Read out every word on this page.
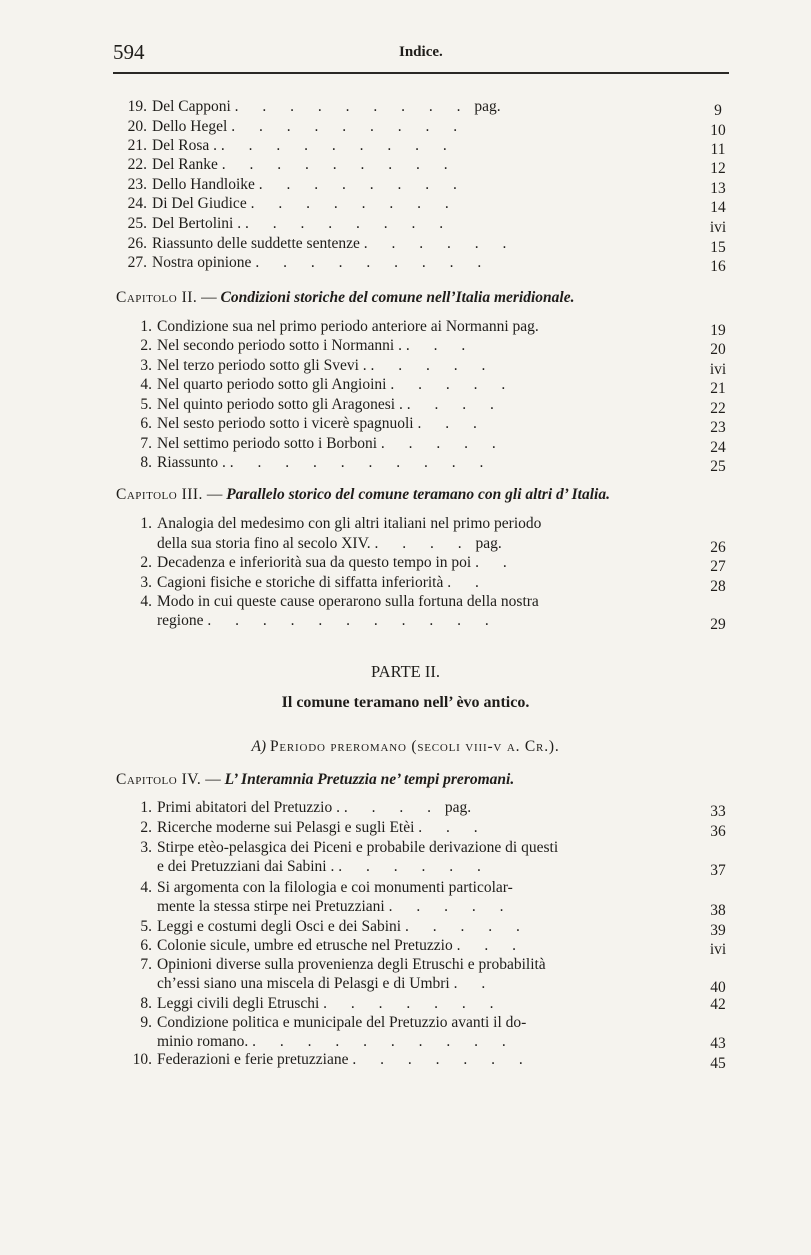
594	Indice.
19. Del Capponi . . . . . . . . . pag.	9
20. Dello Hegel . . . . . . . . .	10
21. Del Rosa . . . . . . . . . .	11
22. Del Ranke . . . . . . . . .	12
23. Dello Handloike . . . . . . . .	13
24. Di Del Giudice . . . . . . . .	14
25. Del Bertolini . . . . . . . . .	ivi
26. Riassunto delle suddette sentenze . . . . . .	15
27. Nostra opinione . . . . . . . . .	16
Capitolo II. — Condizioni storiche del comune nell’Italia meridionale.
1. Condizione sua nel primo periodo anteriore ai Normanni pag.	19
2. Nel secondo periodo sotto i Normanni . . . .	20
3. Nel terzo periodo sotto gli Svevi . . . . . .	ivi
4. Nel quarto periodo sotto gli Angioini . . . . .	21
5. Nel quinto periodo sotto gli Aragonesi . . . . .	22
6. Nel sesto periodo sotto i vicerè spagnuoli . . .	23
7. Nel settimo periodo sotto i Borboni . . . . .	24
8. Riassunto . . . . . . . . . . .	25
Capitolo III. — Parallelo storico del comune teramano con gli altri d’ Italia.
1. Analogia del medesimo con gli altri italiani nel primo periodo
della sua storia fino al secolo XIV. . . . . pag.	26
2. Decadenza e inferiorità sua da questo tempo in poi . .	27
3. Cagioni fisiche e storiche di siffatta inferiorità . .	28
4. Modo in cui queste cause operarono sulla fortuna della nostra
regione . . . . . . . . . . .	29
PARTE II.
Il comune teramano nell’ èvo antico.
A) Periodo preromano (secoli viii-v a. Cr.).
Capitolo IV. — L’ Interamnia Pretuzzia ne’ tempi preromani.
1. Primi abitatori del Pretuzzio . . . . . pag.	33
2. Ricerche moderne sui Pelasgi e sugli Etèi . . .	36
3. Stirpe etèo-pelasgica dei Piceni e probabile derivazione di questi
e dei Pretuzziani dai Sabini . . . . . . .	37
4. Si argomenta con la filologia e coi monumenti particolar-
mente la stessa stirpe nei Pretuzziani . . . . .	38
5. Leggi e costumi degli Osci e dei Sabini . . . . .	39
6. Colonie sicule, umbre ed etrusche nel Pretuzzio . . .	ivi
7. Opinioni diverse sulla provenienza degli Etruschi e probabilità
ch’essi siano una miscela di Pelasgi e di Umbri . .	40
8. Leggi civili degli Etruschi . . . . . . .	42
9. Condizione politica e municipale del Pretuzzio avanti il do-
minio romano. . . . . . . . . . .	43
10. Federazioni e ferie pretuzziane . . . . . . .	45
